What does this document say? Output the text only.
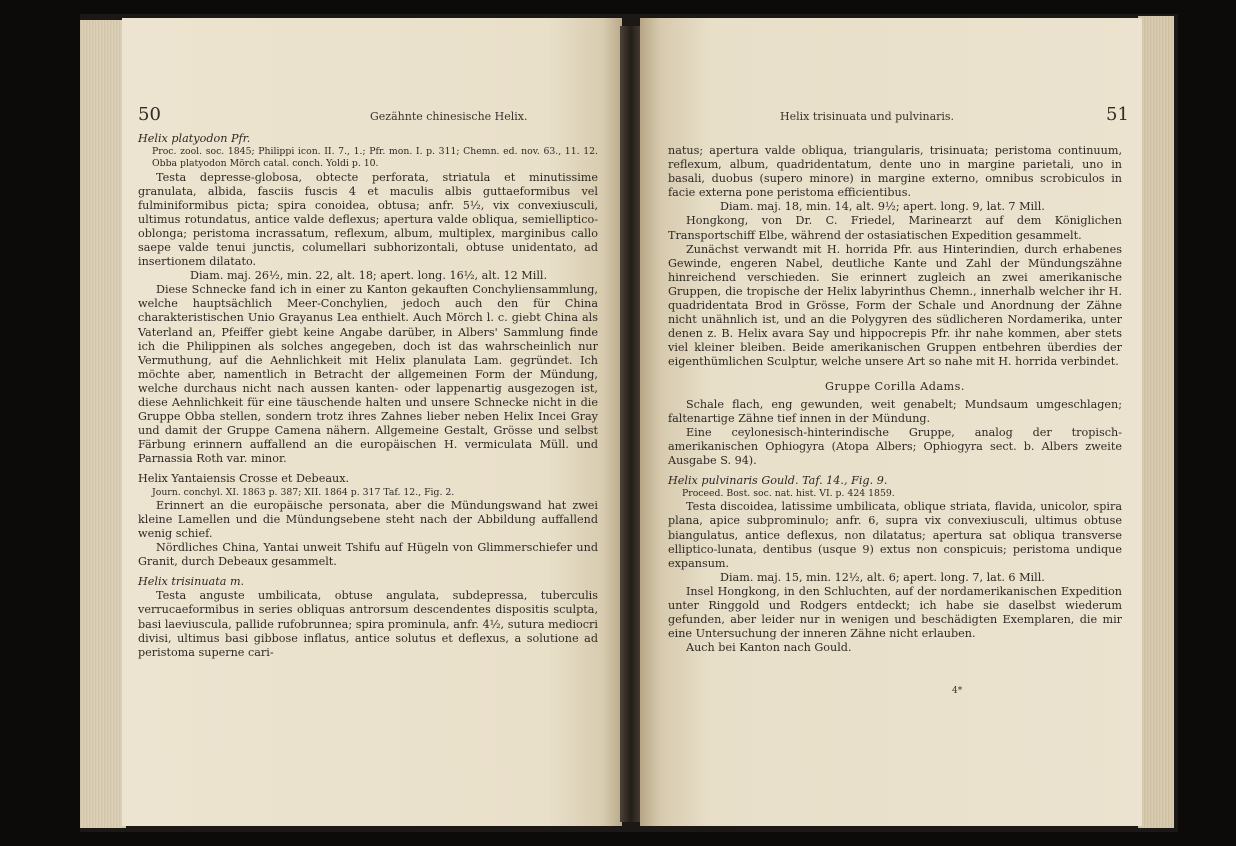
50	Gezähnte chinesische Helix.

Helix platyodon Pfr.

Proc. zool. soc. 1845; Philippi icon. II. 7., 1.; Pfr. mon. I. p. 311; Chemn. ed. nov. 63., 11. 12. Obba platyodon Mörch catal. conch. Yoldi p. 10.

Testa depresse-globosa, obtecte perforata, striatula et minutissime granulata, albida, fasciis fuscis 4 et maculis albis guttaeformibus vel fulminiformibus picta; spira conoidea, obtusa; anfr. 5½, vix convexiusculi, ultimus rotundatus, antice valde deflexus; apertura valde obliqua, semielliptico-oblonga; peristoma incrassatum, reflexum, album, multiplex, marginibus callo saepe valde tenui junctis, columellari subhorizontali, obtuse unidentato, ad insertionem dilatato.

Diam. maj. 26½, min. 22, alt. 18; apert. long. 16½, alt. 12 Mill.

Diese Schnecke fand ich in einer zu Kanton gekauften Conchyliensammlung, welche hauptsächlich Meer-Conchylien, jedoch auch den für China charakteristischen Unio Grayanus Lea enthielt. Auch Mörch l. c. giebt China als Vaterland an, Pfeiffer giebt keine Angabe darüber, in Albers' Sammlung finde ich die Philippinen als solches angegeben, doch ist das wahrscheinlich nur Vermuthung, auf die Aehnlichkeit mit Helix planulata Lam. gegründet. Ich möchte aber, namentlich in Betracht der allgemeinen Form der Mündung, welche durchaus nicht nach aussen kanten- oder lappenartig ausgezogen ist, diese Aehnlichkeit für eine täuschende halten und unsere Schnecke nicht in die Gruppe Obba stellen, sondern trotz ihres Zahnes lieber neben Helix Incei Gray und damit der Gruppe Camena nähern. Allgemeine Gestalt, Grösse und selbst Färbung erinnern auffallend an die europäischen H. vermiculata Müll. und Parnassia Roth var. minor.

Helix Yantaiensis Crosse et Debeaux.

Journ. conchyl. XI. 1863 p. 387; XII. 1864 p. 317 Taf. 12., Fig. 2.

Erinnert an die europäische personata, aber die Mündungswand hat zwei kleine Lamellen und die Mündungsebene steht nach der Abbildung auffallend wenig schief.

Nördliches China, Yantai unweit Tshifu auf Hügeln von Glimmerschiefer und Granit, durch Debeaux gesammelt.

Helix trisinuata m.

Testa anguste umbilicata, obtuse angulata, subdepressa, tuberculis verrucaeformibus in series obliquas antrorsum descendentes dispositis sculpta, basi laeviuscula, pallide rufobrunnea; spira prominula, anfr. 4½, sutura mediocri divisi, ultimus basi gibbose inflatus, antice solutus et deflexus, a solutione ad peristoma superne cari-

Helix trisinuata und pulvinaris.	51

natus; apertura valde obliqua, triangularis, trisinuata; peristoma continuum, reflexum, album, quadridentatum, dente uno in margine parietali, uno in basali, duobus (supero minore) in margine externo, omnibus scrobiculos in facie externa pone peristoma efficientibus.

Diam. maj. 18, min. 14, alt. 9½; apert. long. 9, lat. 7 Mill.

Hongkong, von Dr. C. Friedel, Marinearzt auf dem Königlichen Transportschiff Elbe, während der ostasiatischen Expedition gesammelt.

Zunächst verwandt mit H. horrida Pfr. aus Hinterindien, durch erhabenes Gewinde, engeren Nabel, deutliche Kante und Zahl der Mündungszähne hinreichend verschieden. Sie erinnert zugleich an zwei amerikanische Gruppen, die tropische der Helix labyrinthus Chemn., innerhalb welcher ihr H. quadridentata Brod in Grösse, Form der Schale und Anordnung der Zähne nicht unähnlich ist, und an die Polygyren des südlicheren Nordamerika, unter denen z. B. Helix avara Say und hippocrepis Pfr. ihr nahe kommen, aber stets viel kleiner bleiben. Beide amerikanischen Gruppen entbehren überdies der eigenthümlichen Sculptur, welche unsere Art so nahe mit H. horrida verbindet.

Gruppe Corilla Adams.

Schale flach, eng gewunden, weit genabelt; Mundsaum umgeschlagen; faltenartige Zähne tief innen in der Mündung.

Eine ceylonesisch-hinterindische Gruppe, analog der tropisch-amerikanischen Ophiogyra (Atopa Albers; Ophiogyra sect. b. Albers zweite Ausgabe S. 94).

Helix pulvinaris Gould. Taf. 14., Fig. 9.

Proceed. Bost. soc. nat. hist. VI. p. 424 1859.

Testa discoidea, latissime umbilicata, oblique striata, flavida, unicolor, spira plana, apice subprominulo; anfr. 6, supra vix convexiusculi, ultimus obtuse biangulatus, antice deflexus, non dilatatus; apertura sat obliqua transverse elliptico-lunata, dentibus (usque 9) extus non conspicuis; peristoma undique expansum.

Diam. maj. 15, min. 12½, alt. 6; apert. long. 7, lat. 6 Mill.

Insel Hongkong, in den Schluchten, auf der nordamerikanischen Expedition unter Ringgold und Rodgers entdeckt; ich habe sie daselbst wiederum gefunden, aber leider nur in wenigen und beschädigten Exemplaren, die mir eine Untersuchung der inneren Zähne nicht erlauben.

Auch bei Kanton nach Gould.

4*
